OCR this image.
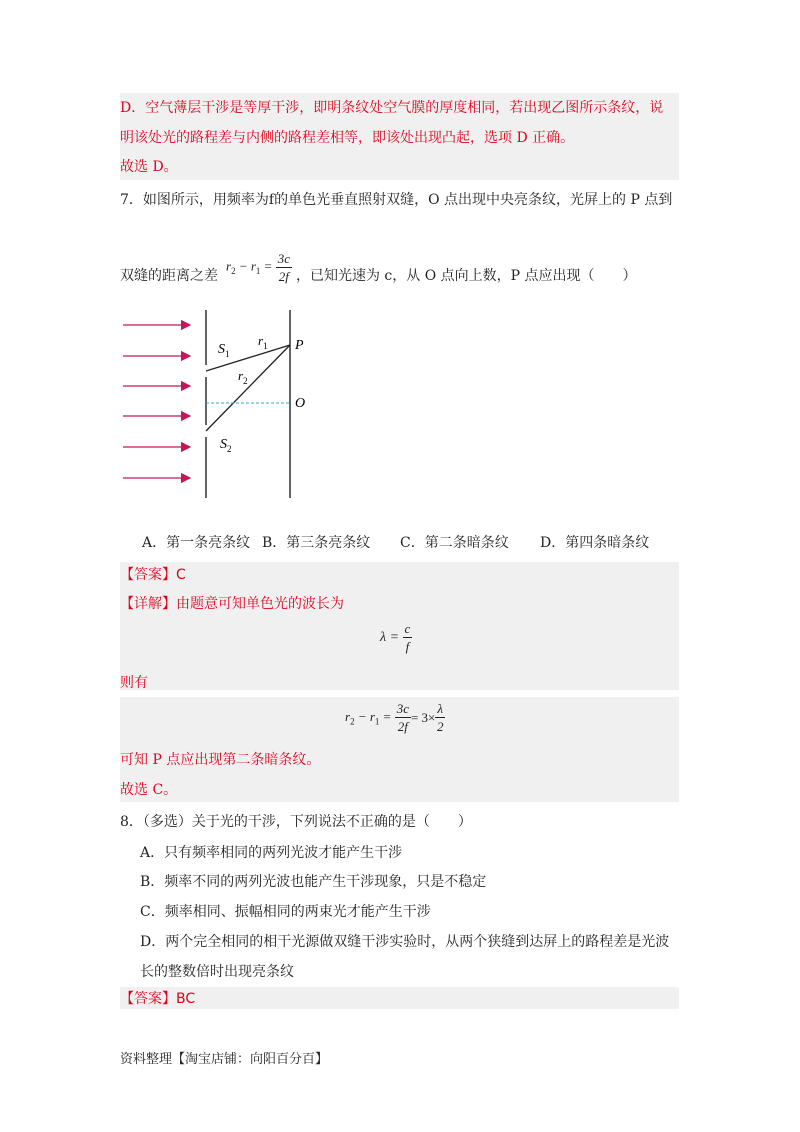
D．空气薄层干涉是等厚干涉，即明条纹处空气膜的厚度相同，若出现乙图所示条纹，说
明该处光的路程差与内侧的路程差相等，即该处出现凸起，选项 D 正确。
故选 D。
7．如图所示，用频率为f的单色光垂直照射双缝，O 点出现中央亮条纹，光屏上的 P 点到
双缝的距离之差
$r_2 - r_1 = \frac{3c}{2f}$ ，已知光速为 c，从 O 点向上数，P 点应出现（　　）
$S_1$
$r_1$
$r_2$
P
O
$S_2$
A．第一条亮条纹 B．第三条亮条纹 C．第二条暗条纹 D．第四条暗条纹
【答案】C
【详解】由题意可知单色光的波长为
$\lambda = \frac{c}{f}$
则有
$r_2 - r_1 = \frac{3c}{2f} = 3\times \frac{\lambda}{2}$
可知 P 点应出现第二条暗条纹。
故选 C。
8．（多选）关于光的干涉，下列说法不正确的是（　　）
A．只有频率相同的两列光波才能产生干涉
B．频率不同的两列光波也能产生干涉现象，只是不稳定
C．频率相同、振幅相同的两束光才能产生干涉
D．两个完全相同的相干光源做双缝干涉实验时，从两个狭缝到达屏上的路程差是光波
长的整数倍时出现亮条纹
【答案】BC
资料整理【淘宝店铺：向阳百分百】
